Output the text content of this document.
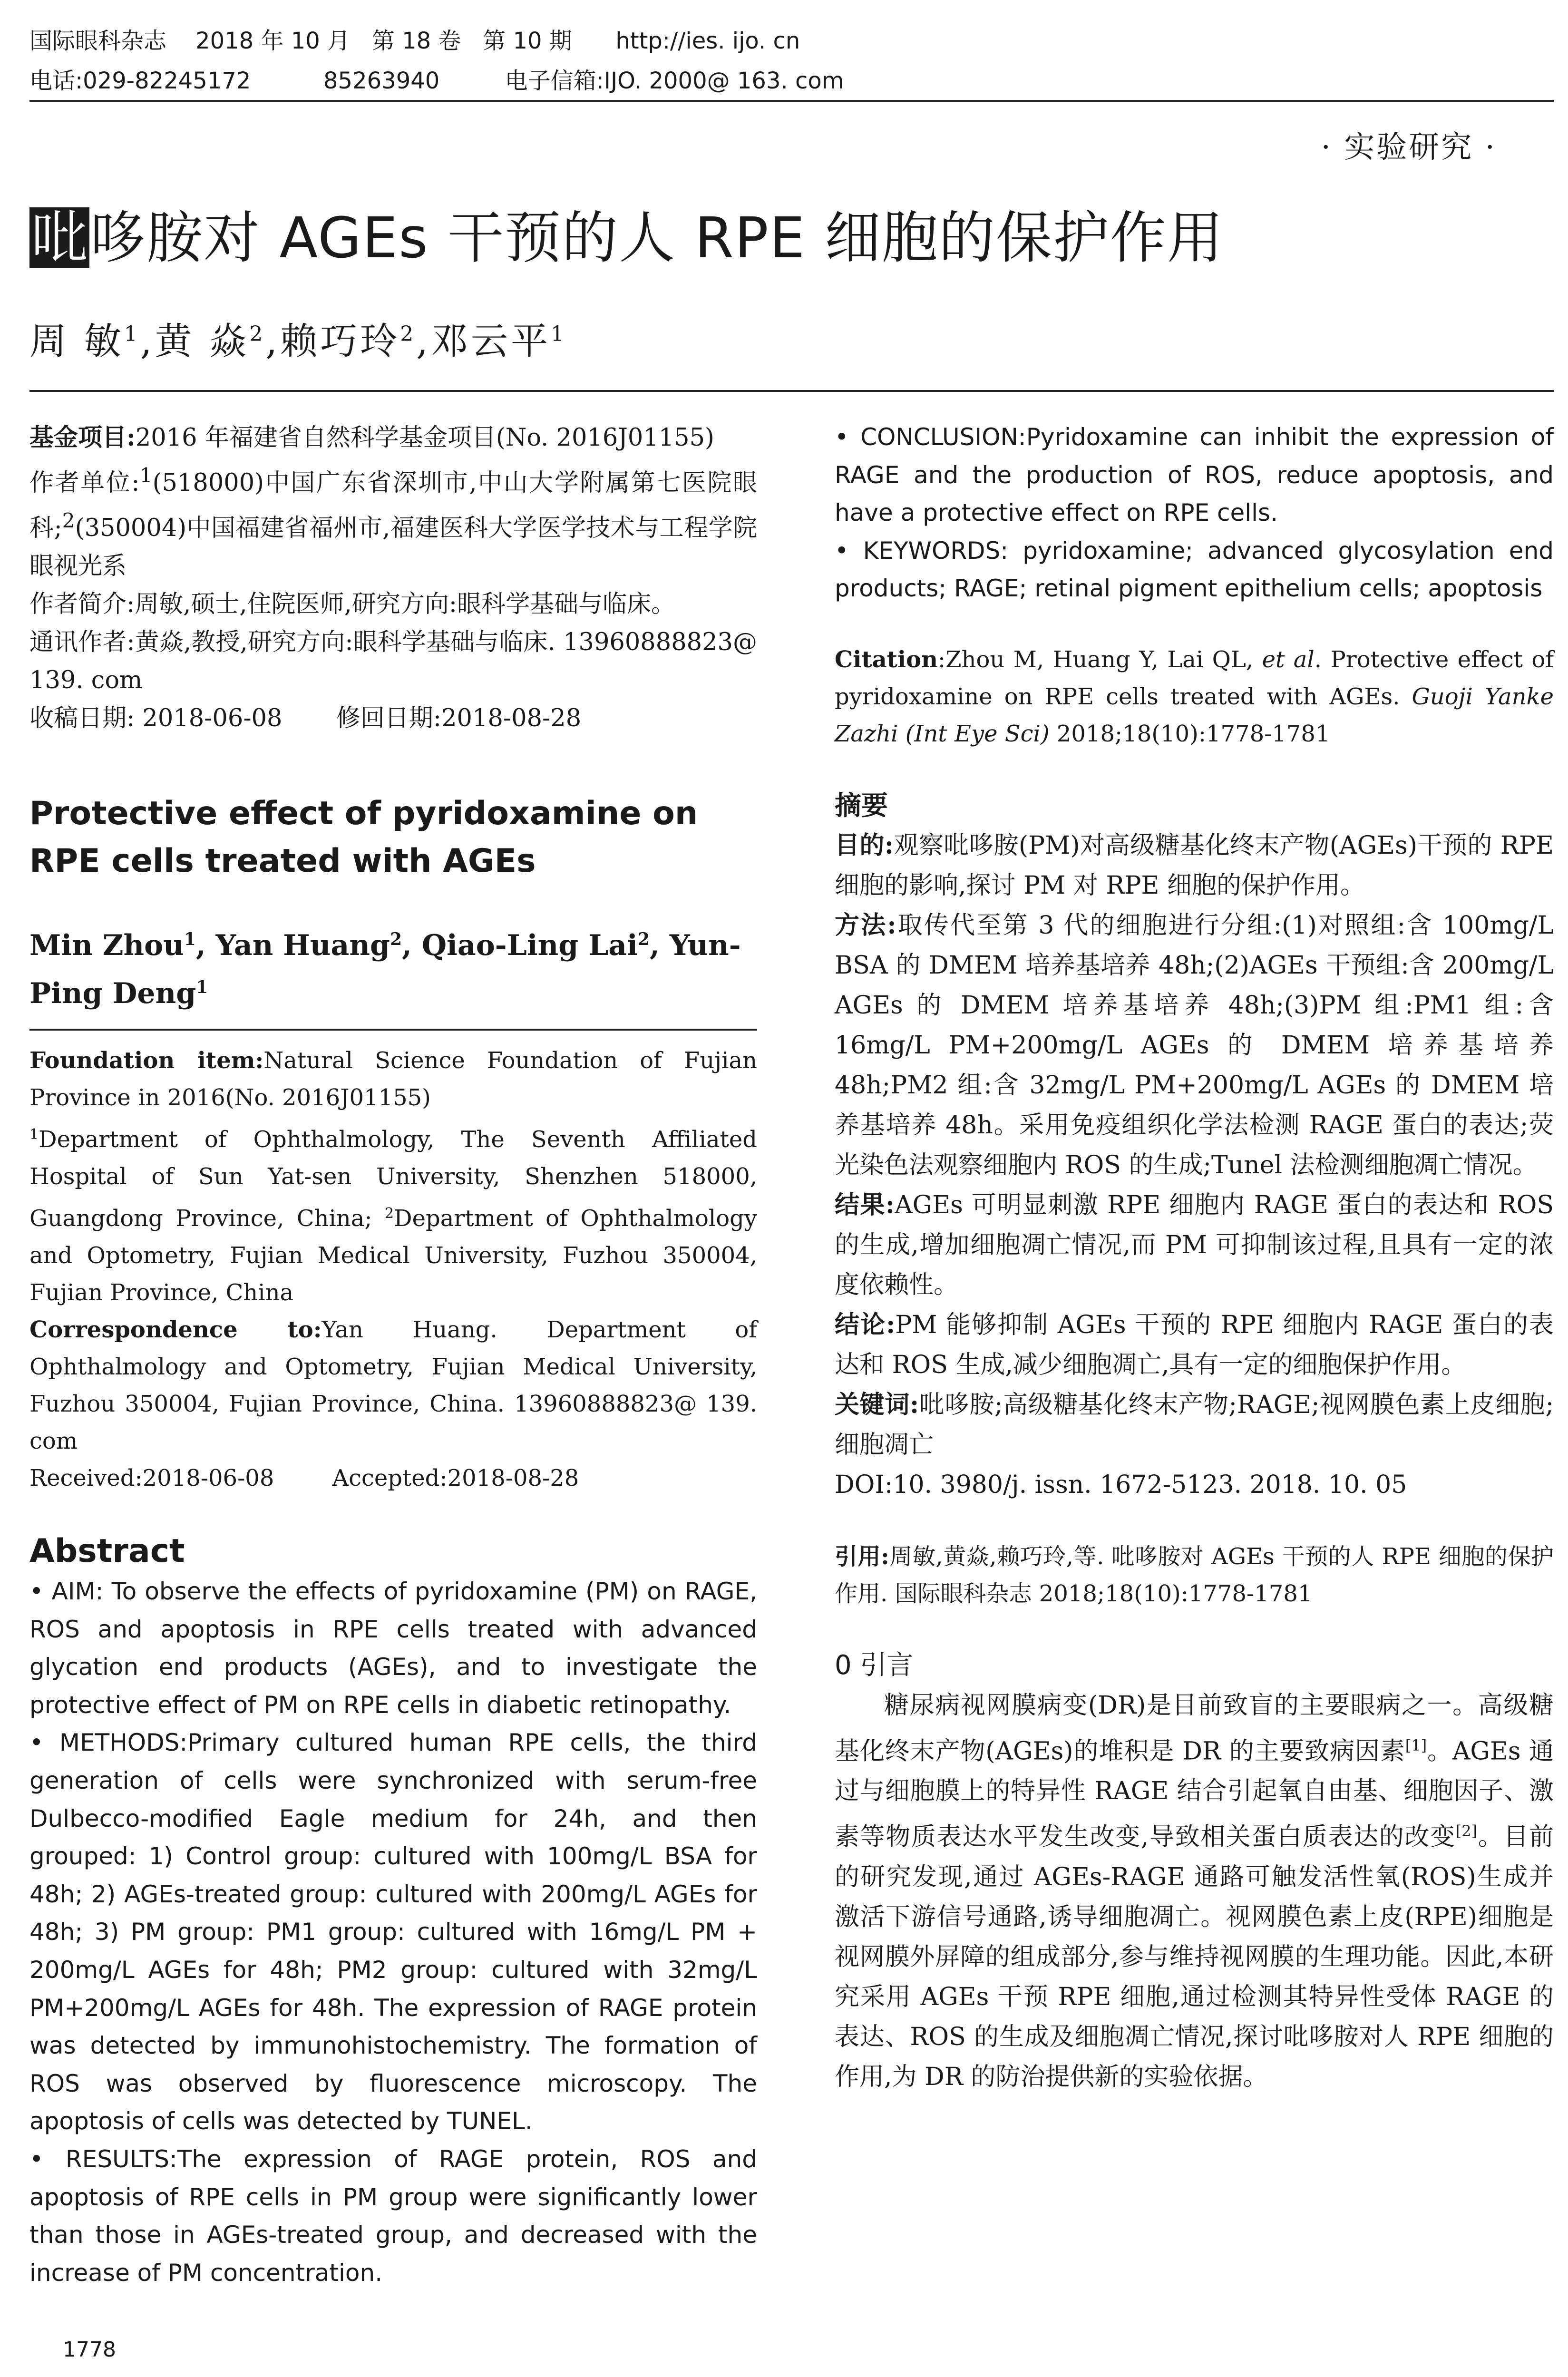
国际眼科杂志    2018 年 10 月   第 18 卷   第 10 期      http://ies. ijo. cn
电话:029-82245172          85263940         电子信箱:IJO. 2000@ 163. com
· 实验研究 ·
吡 哆胺对 AGEs 干预的人 RPE 细胞的保护作用
周 敏$^1$,黄 焱$^2$,赖巧玲$^2$,邓云平$^1$

基金项目:2016 年福建省自然科学基金项目(No. 2016J01155)

作者单位:$^1$(518000)中国广东省深圳市,中山大学附属第七医院眼科;$^2$(350004)中国福建省福州市,福建医科大学医学技术与工程学院眼视光系

作者简介:周敏,硕士,住院医师,研究方向:眼科学基础与临床。

通讯作者:黄焱,教授,研究方向:眼科学基础与临床. 13960888823@ 139. com

收稿日期: 2018-06-08       修回日期:2018-08-28

Protective effect of pyridoxamine on RPE cells treated with AGEs

Min Zhou$^1$, Yan Huang$^2$, Qiao-Ling Lai$^2$, Yun-Ping Deng$^1$

Foundation item:Natural Science Foundation of Fujian Province in 2016(No. 2016J01155)

$^1$Department of Ophthalmology, The Seventh Affiliated Hospital of Sun Yat-sen University, Shenzhen 518000, Guangdong Province, China; $^2$Department of Ophthalmology and Optometry, Fujian Medical University, Fuzhou 350004, Fujian Province, China

Correspondence to:Yan Huang. Department of Ophthalmology and Optometry, Fujian Medical University, Fuzhou 350004, Fujian Province, China. 13960888823@ 139. com

Received:2018-06-08        Accepted:2018-08-28

Abstract

• AIM: To observe the effects of pyridoxamine (PM) on RAGE, ROS and apoptosis in RPE cells treated with advanced glycation end products (AGEs), and to investigate the protective effect of PM on RPE cells in diabetic retinopathy.

• METHODS:Primary cultured human RPE cells, the third generation of cells were synchronized with serum-free Dulbecco-modified Eagle medium for 24h, and then grouped: 1) Control group: cultured with 100mg/L BSA for 48h; 2) AGEs-treated group: cultured with 200mg/L AGEs for 48h; 3) PM group: PM1 group: cultured with 16mg/L PM + 200mg/L AGEs for 48h; PM2 group: cultured with 32mg/L PM+200mg/L AGEs for 48h. The expression of RAGE protein was detected by immunohistochemistry. The formation of ROS was observed by fluorescence microscopy. The apoptosis of cells was detected by TUNEL.

• RESULTS:The expression of RAGE protein, ROS and apoptosis of RPE cells in PM group were significantly lower than those in AGEs-treated group, and decreased with the increase of PM concentration.

• CONCLUSION:Pyridoxamine can inhibit the expression of RAGE and the production of ROS, reduce apoptosis, and have a protective effect on RPE cells.

• KEYWORDS: pyridoxamine; advanced glycosylation end products; RAGE; retinal pigment epithelium cells; apoptosis

Citation:Zhou M, Huang Y, Lai QL, et al. Protective effect of pyridoxamine on RPE cells treated with AGEs. Guoji Yanke Zazhi (Int Eye Sci) 2018;18(10):1778-1781

摘要

目的:观察吡哆胺(PM)对高级糖基化终末产物(AGEs)干预的 RPE 细胞的影响,探讨 PM 对 RPE 细胞的保护作用。

方法:取传代至第 3 代的细胞进行分组:(1)对照组:含 100mg/L BSA 的 DMEM 培养基培养 48h;(2)AGEs 干预组:含 200mg/L AGEs 的 DMEM 培养基培养 48h;(3)PM 组:PM1 组:含 16mg/L PM+200mg/L AGEs 的 DMEM 培养基培养 48h;PM2 组:含 32mg/L PM+200mg/L AGEs 的 DMEM 培养基培养 48h。采用免疫组织化学法检测 RAGE 蛋白的表达;荧光染色法观察细胞内 ROS 的生成;Tunel 法检测细胞凋亡情况。

结果:AGEs 可明显刺激 RPE 细胞内 RAGE 蛋白的表达和 ROS 的生成,增加细胞凋亡情况,而 PM 可抑制该过程,且具有一定的浓度依赖性。

结论:PM 能够抑制 AGEs 干预的 RPE 细胞内 RAGE 蛋白的表达和 ROS 生成,减少细胞凋亡,具有一定的细胞保护作用。

关键词:吡哆胺;高级糖基化终末产物;RAGE;视网膜色素上皮细胞;细胞凋亡

DOI:10. 3980/j. issn. 1672-5123. 2018. 10. 05

引用:周敏,黄焱,赖巧玲,等. 吡哆胺对 AGEs 干预的人 RPE 细胞的保护作用. 国际眼科杂志 2018;18(10):1778-1781

0 引言

糖尿病视网膜病变(DR)是目前致盲的主要眼病之一。高级糖基化终末产物(AGEs)的堆积是 DR 的主要致病因素[1]。AGEs 通过与细胞膜上的特异性 RAGE 结合引起氧自由基、细胞因子、激素等物质表达水平发生改变,导致相关蛋白质表达的改变[2]。目前的研究发现,通过 AGEs-RAGE 通路可触发活性氧(ROS)生成并激活下游信号通路,诱导细胞凋亡。视网膜色素上皮(RPE)细胞是视网膜外屏障的组成部分,参与维持视网膜的生理功能。因此,本研究采用 AGEs 干预 RPE 细胞,通过检测其特异性受体 RAGE 的表达、ROS 的生成及细胞凋亡情况,探讨吡哆胺对人 RPE 细胞的作用,为 DR 的防治提供新的实验依据。

1778
